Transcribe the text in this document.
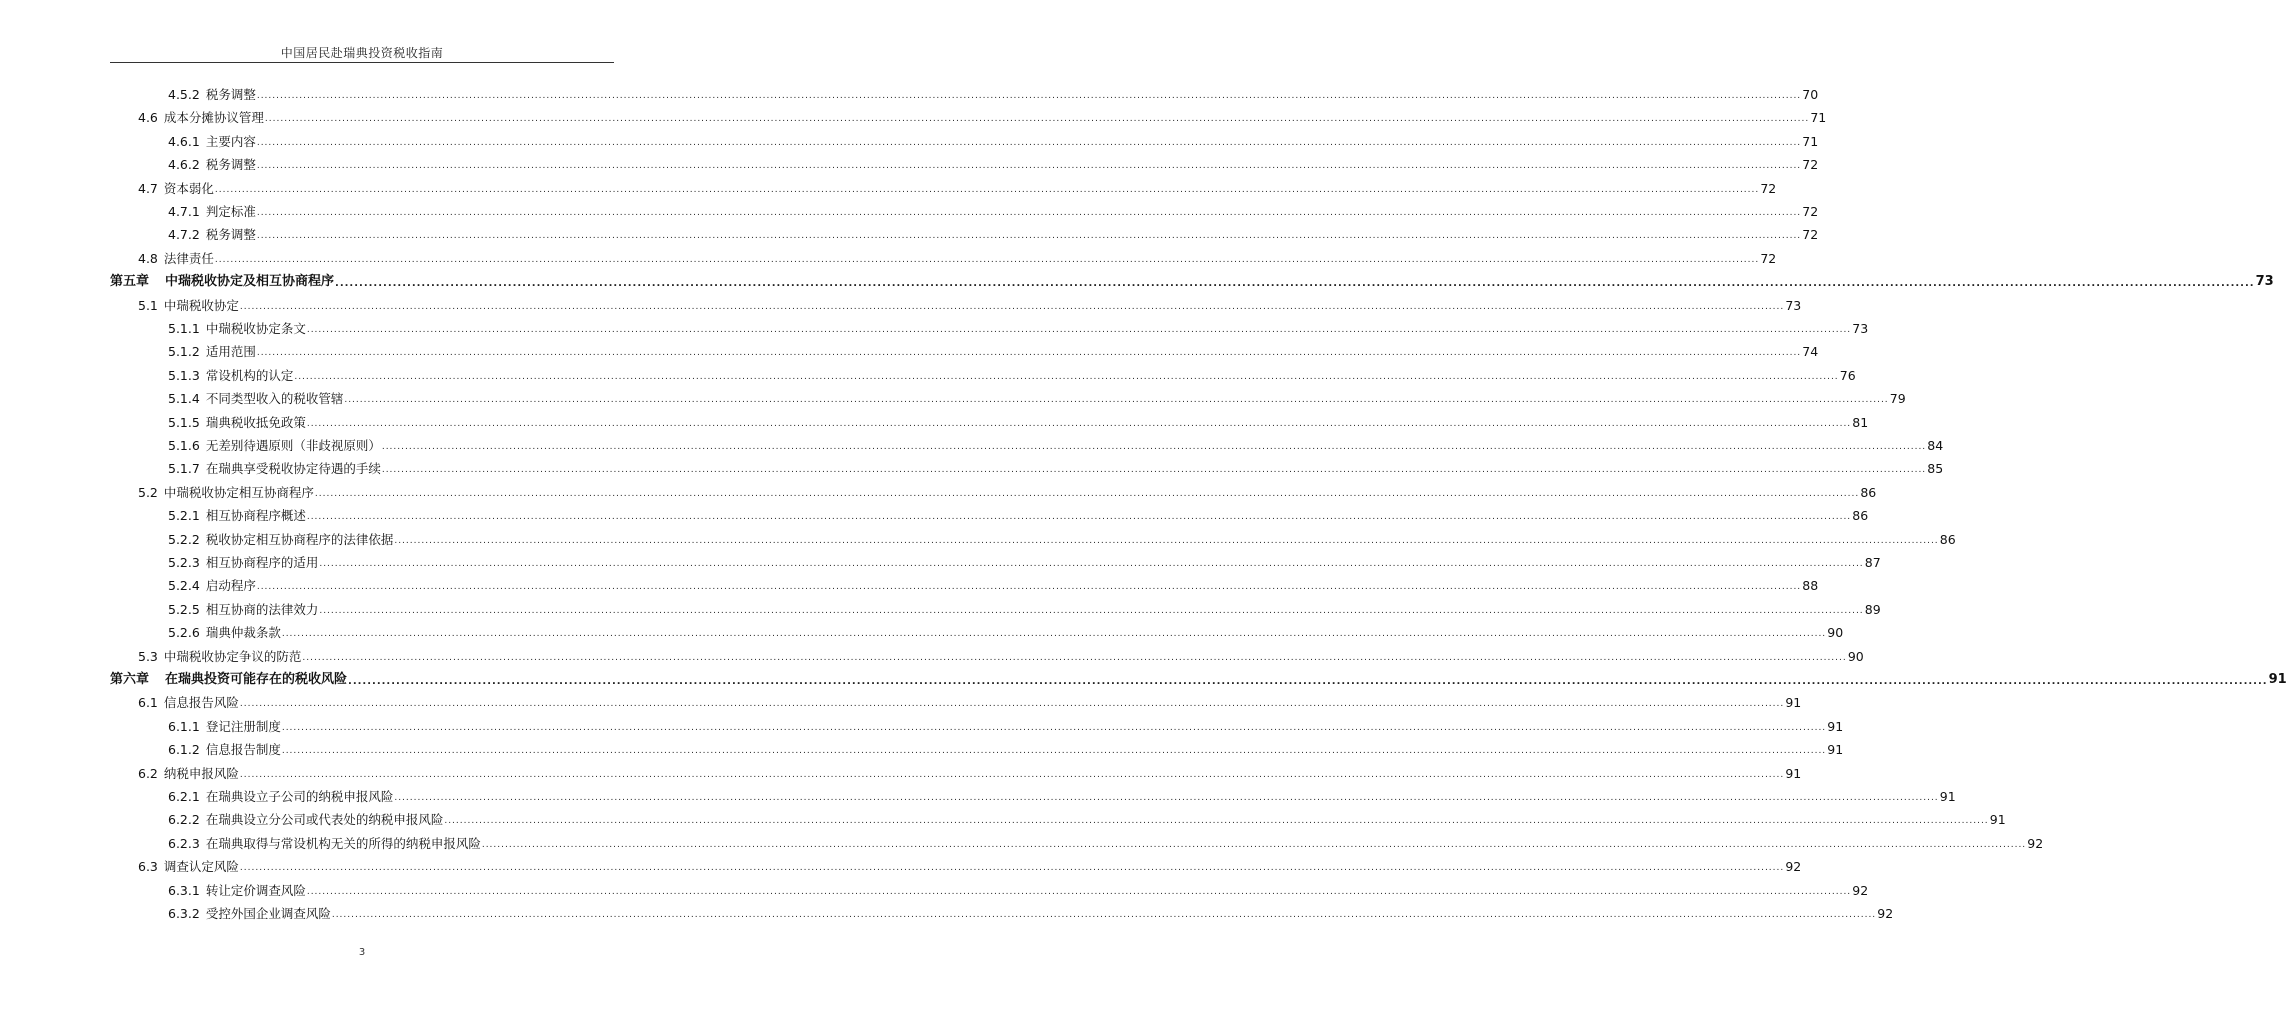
中国居民赴瑞典投资税收指南
4.5.2 税务调整 ................................................................................................................................................................................................................................................................................................................................................................................................................ 70
4.6 成本分摊协议管理 ................................................................................................................................................................................................................................................................................................................................................................................................................ 71
4.6.1 主要内容 ................................................................................................................................................................................................................................................................................................................................................................................................................ 71
4.6.2 税务调整 ................................................................................................................................................................................................................................................................................................................................................................................................................ 72
4.7 资本弱化 ................................................................................................................................................................................................................................................................................................................................................................................................................ 72
4.7.1 判定标准 ................................................................................................................................................................................................................................................................................................................................................................................................................ 72
4.7.2 税务调整 ................................................................................................................................................................................................................................................................................................................................................................................................................ 72
4.8 法律责任 ................................................................................................................................................................................................................................................................................................................................................................................................................ 72
第五章 中瑞税收协定及相互协商程序 ................................................................................................................................................................................................................................................................................................................................................................................................................ 73
5.1 中瑞税收协定 ................................................................................................................................................................................................................................................................................................................................................................................................................ 73
5.1.1 中瑞税收协定条文 ................................................................................................................................................................................................................................................................................................................................................................................................................ 73
5.1.2 适用范围 ................................................................................................................................................................................................................................................................................................................................................................................................................ 74
5.1.3 常设机构的认定 ................................................................................................................................................................................................................................................................................................................................................................................................................ 76
5.1.4 不同类型收入的税收管辖 ................................................................................................................................................................................................................................................................................................................................................................................................................ 79
5.1.5 瑞典税收抵免政策 ................................................................................................................................................................................................................................................................................................................................................................................................................ 81
5.1.6 无差别待遇原则（非歧视原则） ................................................................................................................................................................................................................................................................................................................................................................................................................ 84
5.1.7 在瑞典享受税收协定待遇的手续 ................................................................................................................................................................................................................................................................................................................................................................................................................ 85
5.2 中瑞税收协定相互协商程序 ................................................................................................................................................................................................................................................................................................................................................................................................................ 86
5.2.1 相互协商程序概述 ................................................................................................................................................................................................................................................................................................................................................................................................................ 86
5.2.2 税收协定相互协商程序的法律依据 ................................................................................................................................................................................................................................................................................................................................................................................................................ 86
5.2.3 相互协商程序的适用 ................................................................................................................................................................................................................................................................................................................................................................................................................ 87
5.2.4 启动程序 ................................................................................................................................................................................................................................................................................................................................................................................................................ 88
5.2.5 相互协商的法律效力 ................................................................................................................................................................................................................................................................................................................................................................................................................ 89
5.2.6 瑞典仲裁条款 ................................................................................................................................................................................................................................................................................................................................................................................................................ 90
5.3 中瑞税收协定争议的防范 ................................................................................................................................................................................................................................................................................................................................................................................................................ 90
第六章 在瑞典投资可能存在的税收风险 ................................................................................................................................................................................................................................................................................................................................................................................................................ 91
6.1 信息报告风险 ................................................................................................................................................................................................................................................................................................................................................................................................................ 91
6.1.1 登记注册制度 ................................................................................................................................................................................................................................................................................................................................................................................................................ 91
6.1.2 信息报告制度 ................................................................................................................................................................................................................................................................................................................................................................................................................ 91
6.2 纳税申报风险 ................................................................................................................................................................................................................................................................................................................................................................................................................ 91
6.2.1 在瑞典设立子公司的纳税申报风险 ................................................................................................................................................................................................................................................................................................................................................................................................................ 91
6.2.2 在瑞典设立分公司或代表处的纳税申报风险 ................................................................................................................................................................................................................................................................................................................................................................................................................ 91
6.2.3 在瑞典取得与常设机构无关的所得的纳税申报风险 ................................................................................................................................................................................................................................................................................................................................................................................................................ 92
6.3 调查认定风险 ................................................................................................................................................................................................................................................................................................................................................................................................................ 92
6.3.1 转让定价调查风险 ................................................................................................................................................................................................................................................................................................................................................................................................................ 92
6.3.2 受控外国企业调查风险 ................................................................................................................................................................................................................................................................................................................................................................................................................ 92
3
